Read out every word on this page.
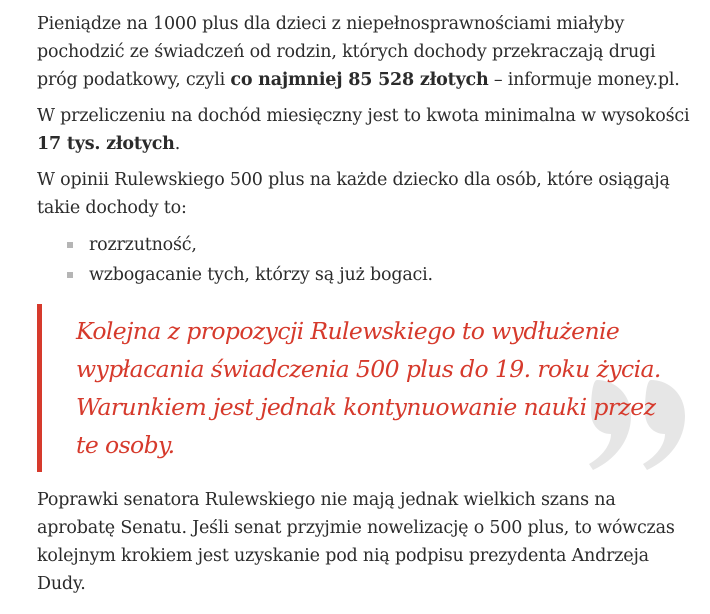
Pieniądze na 1000 plus dla dzieci z niepełnosprawnościami miałyby pochodzić ze świadczeń od rodzin, których dochody przekraczają drugi próg podatkowy, czyli co najmniej 85 528 złotych – informuje money.pl.

W przeliczeniu na dochód miesięczny jest to kwota minimalna w wysokości 17 tys. złotych.

W opinii Rulewskiego 500 plus na każde dziecko dla osób, które osiągają takie dochody to:

rozrzutność,
wzbogacanie tych, którzy są już bogaci.
Kolejna z propozycji Rulewskiego to wydłużenie wypłacania świadczenia 500 plus do 19. roku życia. Warunkiem jest jednak kontynuowanie nauki przez te osoby.

Poprawki senatora Rulewskiego nie mają jednak wielkich szans na aprobatę Senatu. Jeśli senat przyjmie nowelizację o 500 plus, to wówczas kolejnym krokiem jest uzyskanie pod nią podpisu prezydenta Andrzeja Dudy.
